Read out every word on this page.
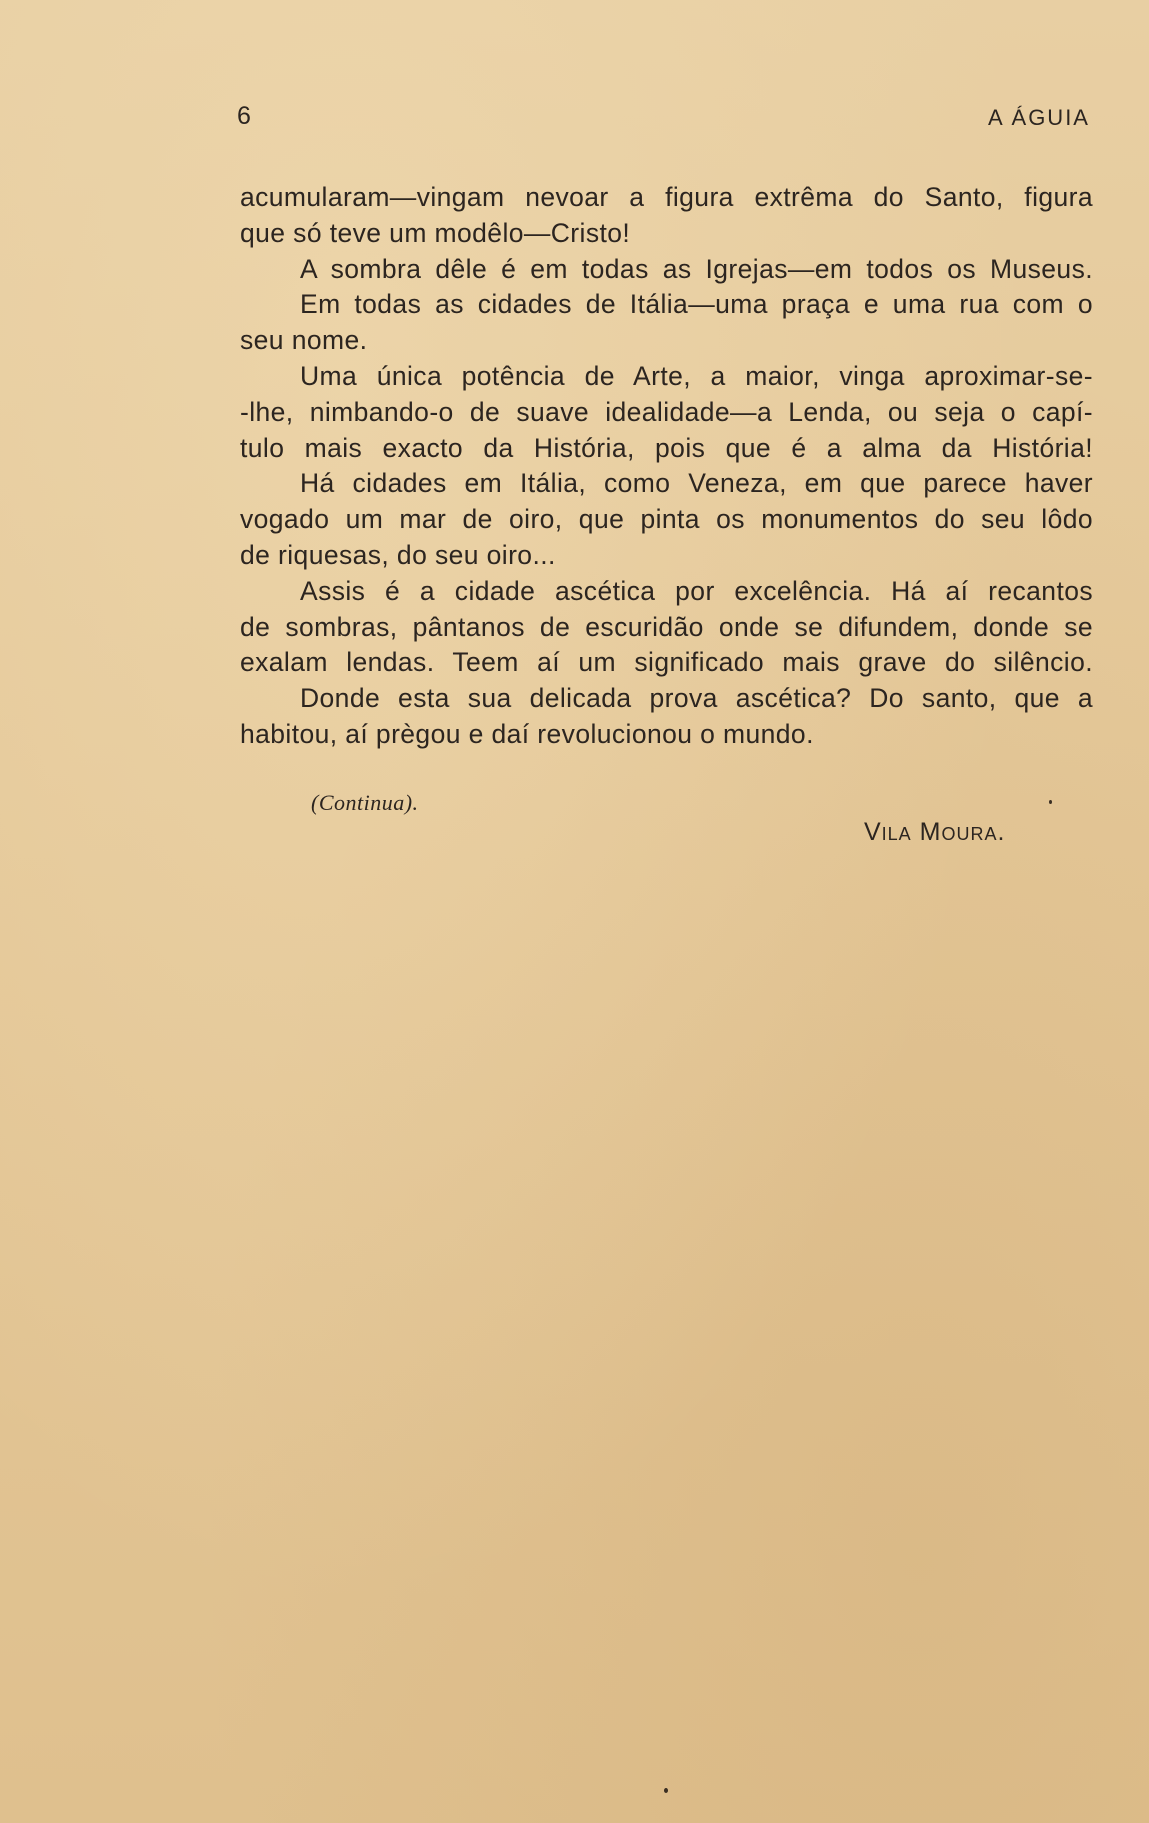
6	A ÁGUIA
acumularam—vingam nevoar a figura extrêma do Santo, figura
que só teve um modêlo—Cristo!
A sombra dêle é em todas as Igrejas—em todos os Museus.
Em todas as cidades de Itália—uma praça e uma rua com o
seu nome.
Uma única potência de Arte, a maior, vinga aproximar-se-
-lhe, nimbando-o de suave idealidade—a Lenda, ou seja o capí-
tulo mais exacto da História, pois que é a alma da História!
Há cidades em Itália, como Veneza, em que parece haver
vogado um mar de oiro, que pinta os monumentos do seu lôdo
de riquesas, do seu oiro...
Assis é a cidade ascética por excelência. Há aí recantos
de sombras, pântanos de escuridão onde se difundem, donde se
exalam lendas. Teem aí um significado mais grave do silêncio.
Donde esta sua delicada prova ascética? Do santo, que a
habitou, aí prègou e daí revolucionou o mundo.
(Continua).
Vila Moura.
